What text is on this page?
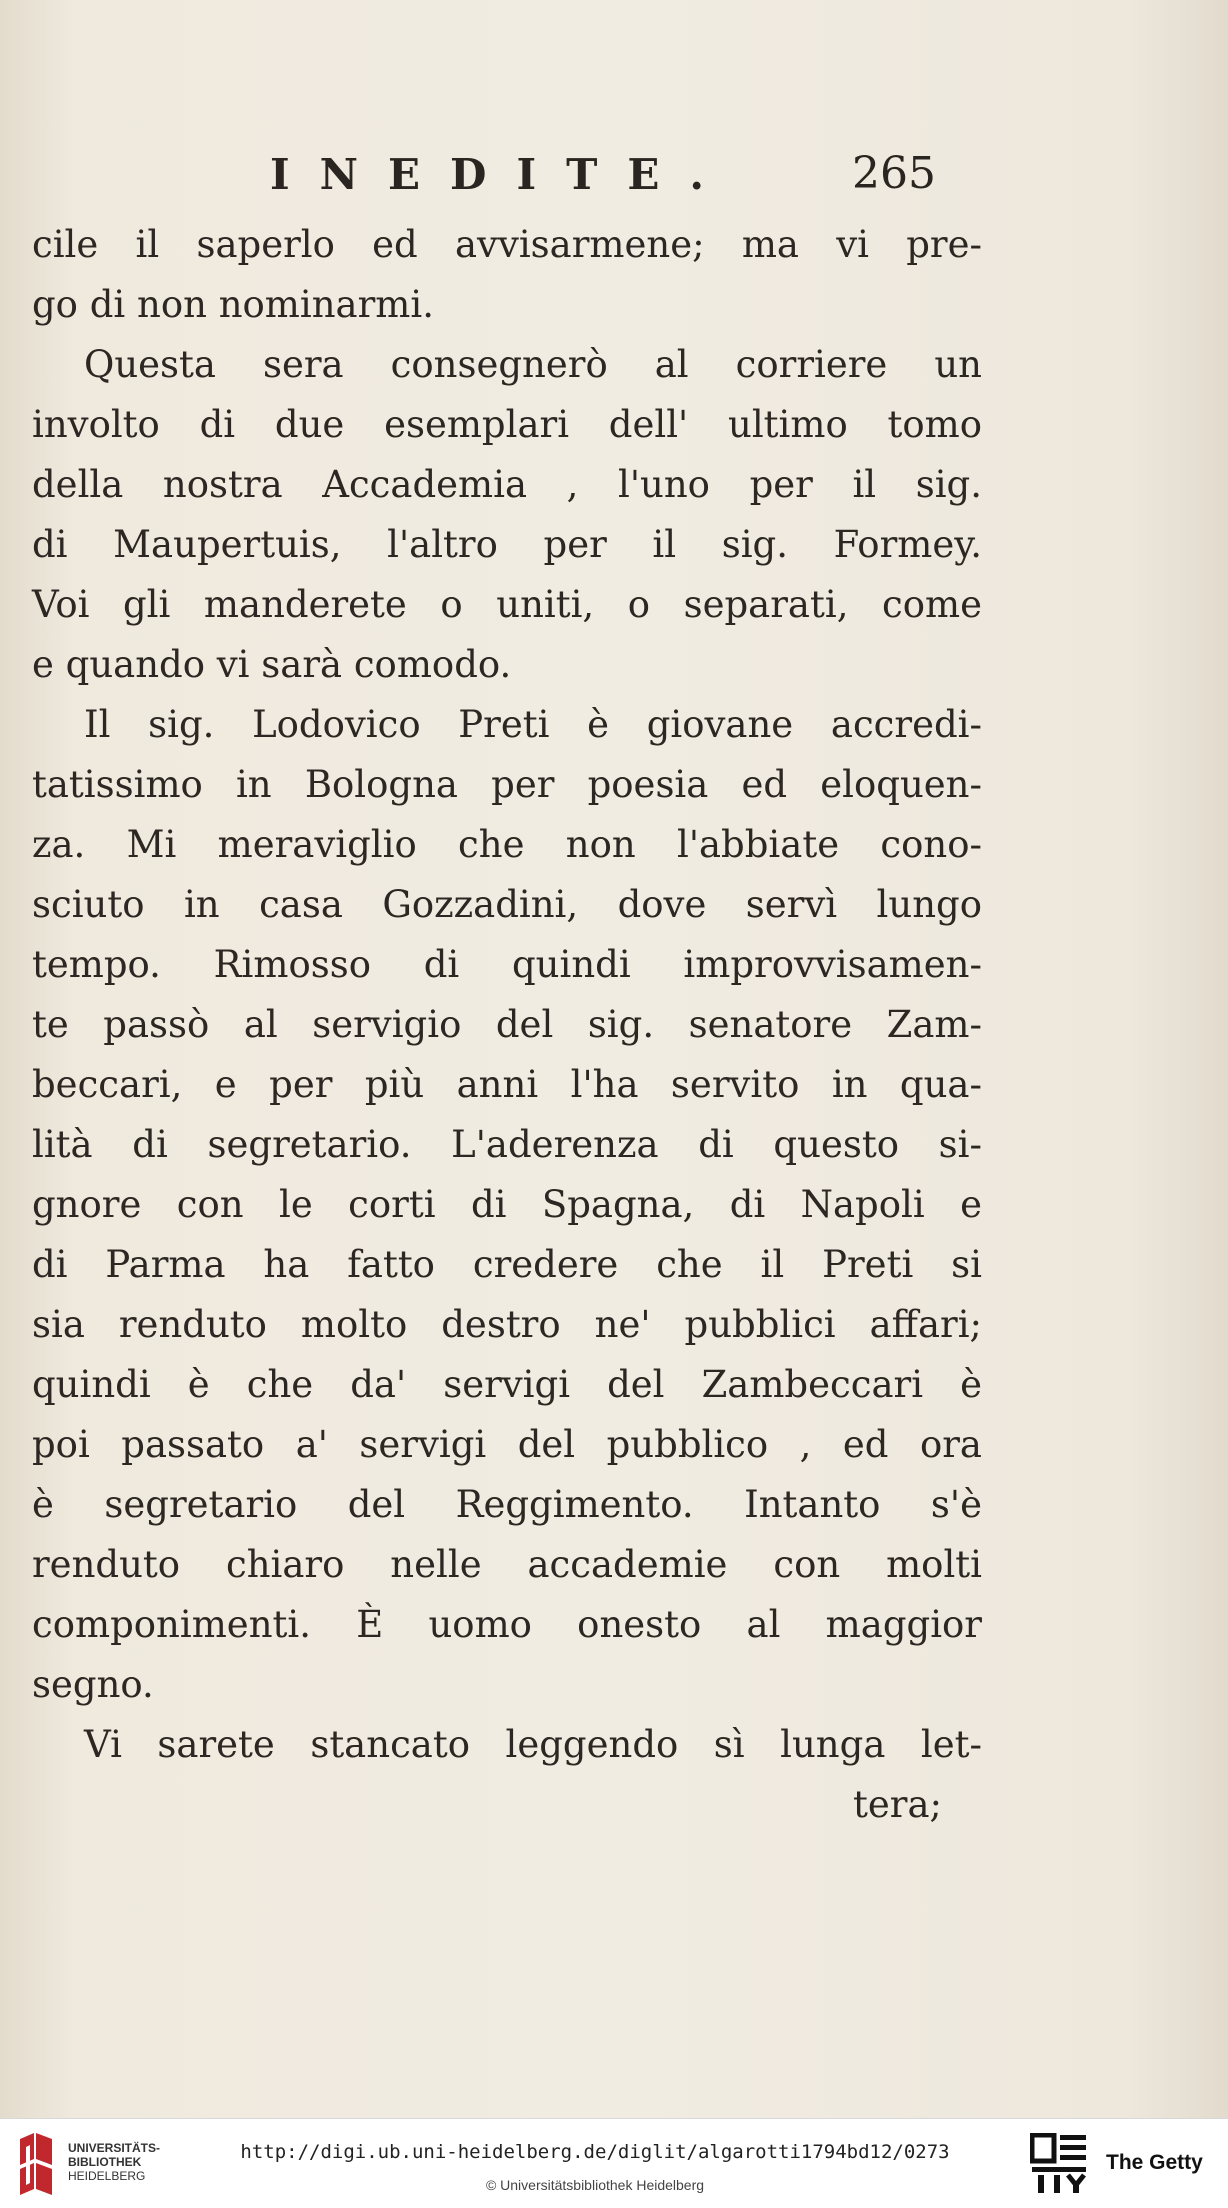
INEDITE.	265
cile il saperlo ed avvisarmene; ma vi pre-
go di non nominarmi.
Questa sera consegnerò al corriere un
involto di due esemplari dell' ultimo tomo
della nostra Accademia , l'uno per il sig.
di Maupertuis, l'altro per il sig. Formey.
Voi gli manderete o uniti, o separati, come
e quando vi sarà comodo.
Il sig. Lodovico Preti è giovane accredi-
tatissimo in Bologna per poesia ed eloquen-
za. Mi meraviglio che non l'abbiate cono-
sciuto in casa Gozzadini, dove servì lungo
tempo. Rimosso di quindi improvvisamen-
te passò al servigio del sig. senatore Zam-
beccari, e per più anni l'ha servito in qua-
lità di segretario. L'aderenza di questo si-
gnore con le corti di Spagna, di Napoli e
di Parma ha fatto credere che il Preti si
sia renduto molto destro ne' pubblici affari;
quindi è che da' servigi del Zambeccari è
poi passato a' servigi del pubblico , ed ora
è segretario del Reggimento. Intanto s'è
renduto chiaro nelle accademie con molti
componimenti. È uomo onesto al maggior
segno.
Vi sarete stancato leggendo sì lunga let-
tera;
UNIVERSITÄTS-
BIBLIOTHEK
HEIDELBERG
http://digi.ub.uni-heidelberg.de/diglit/algarotti1794bd12/0273
© Universitätsbibliothek Heidelberg
The Getty
